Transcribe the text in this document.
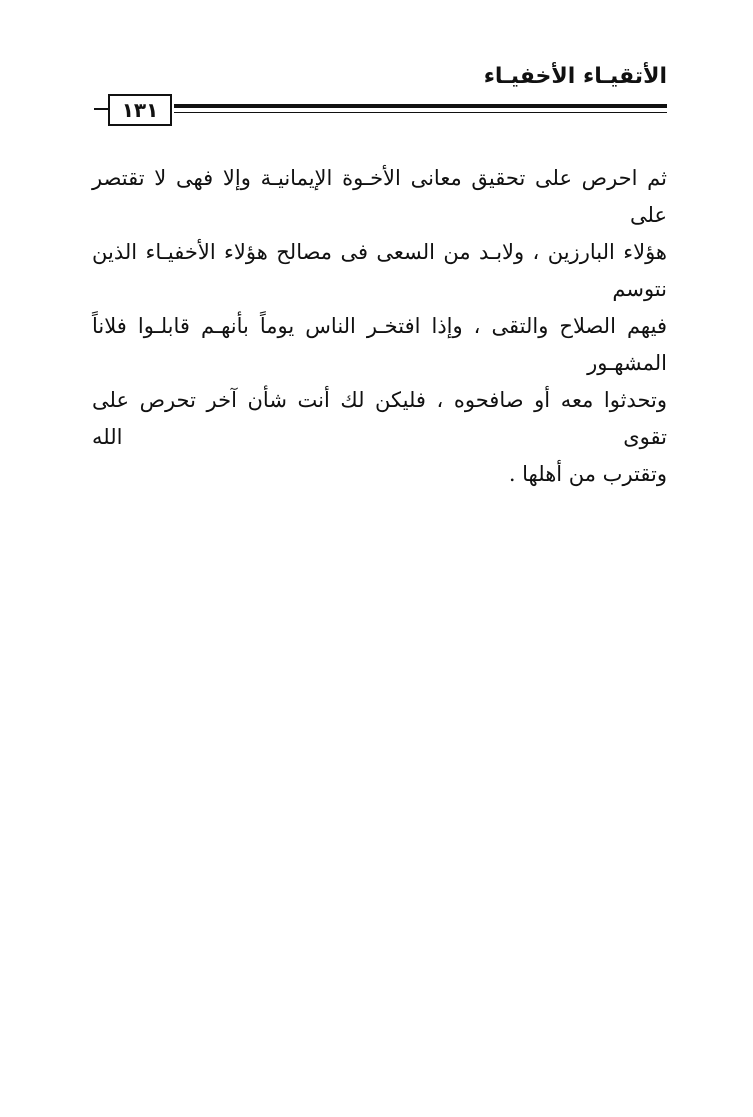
الأتقيـاء الأخفيـاء
١٣١
ثم احرص على تحقيق معانى الأخـوة الإيمانيـة وإلا فهى لا تقتصر على
هؤلاء البارزين ، ولابـد من السعى فى مصالح هؤلاء الأخفيـاء الذين نتوسم
فيهم الصلاح والتقى ، وإذا افتخـر الناس يوماً بأنهـم قابلـوا فلاناً المشهـور
وتحدثوا معه أو صافحوه ، فليكن لك أنت شأن آخر تحرص على تقوى الله
وتقترب من أهلها .
